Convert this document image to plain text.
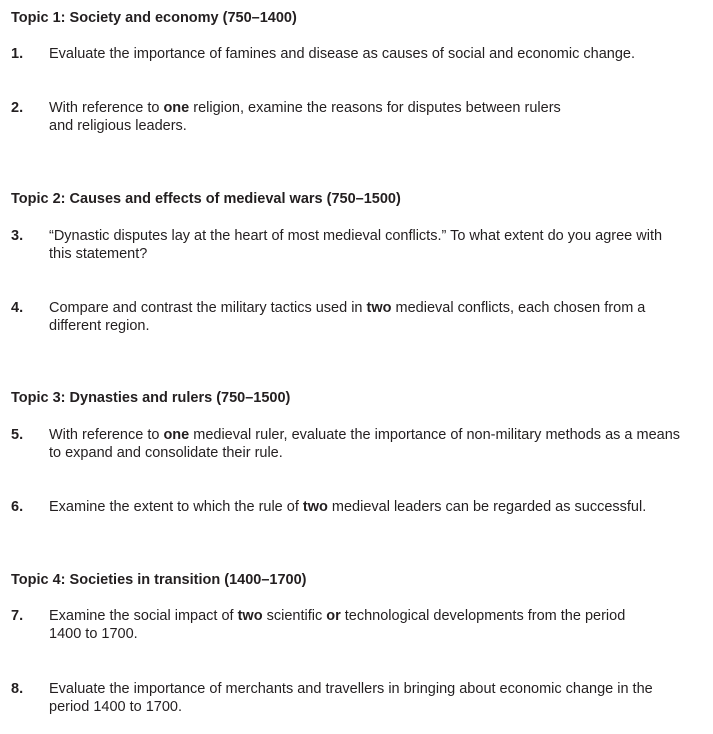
Topic 1: Society and economy (750–1400)
1. Evaluate the importance of famines and disease as causes of social and economic change.
2. With reference to one religion, examine the reasons for disputes between rulers
and religious leaders.
Topic 2: Causes and effects of medieval wars (750–1500)
3. “Dynastic disputes lay at the heart of most medieval conflicts.” To what extent do you agree with
this statement?
4. Compare and contrast the military tactics used in two medieval conflicts, each chosen from a
different region.
Topic 3: Dynasties and rulers (750–1500)
5. With reference to one medieval ruler, evaluate the importance of non-military methods as a means
to expand and consolidate their rule.
6. Examine the extent to which the rule of two medieval leaders can be regarded as successful.
Topic 4: Societies in transition (1400–1700)
7. Examine the social impact of two scientific or technological developments from the period
1400 to 1700.
8. Evaluate the importance of merchants and travellers in bringing about economic change in the
period 1400 to 1700.
